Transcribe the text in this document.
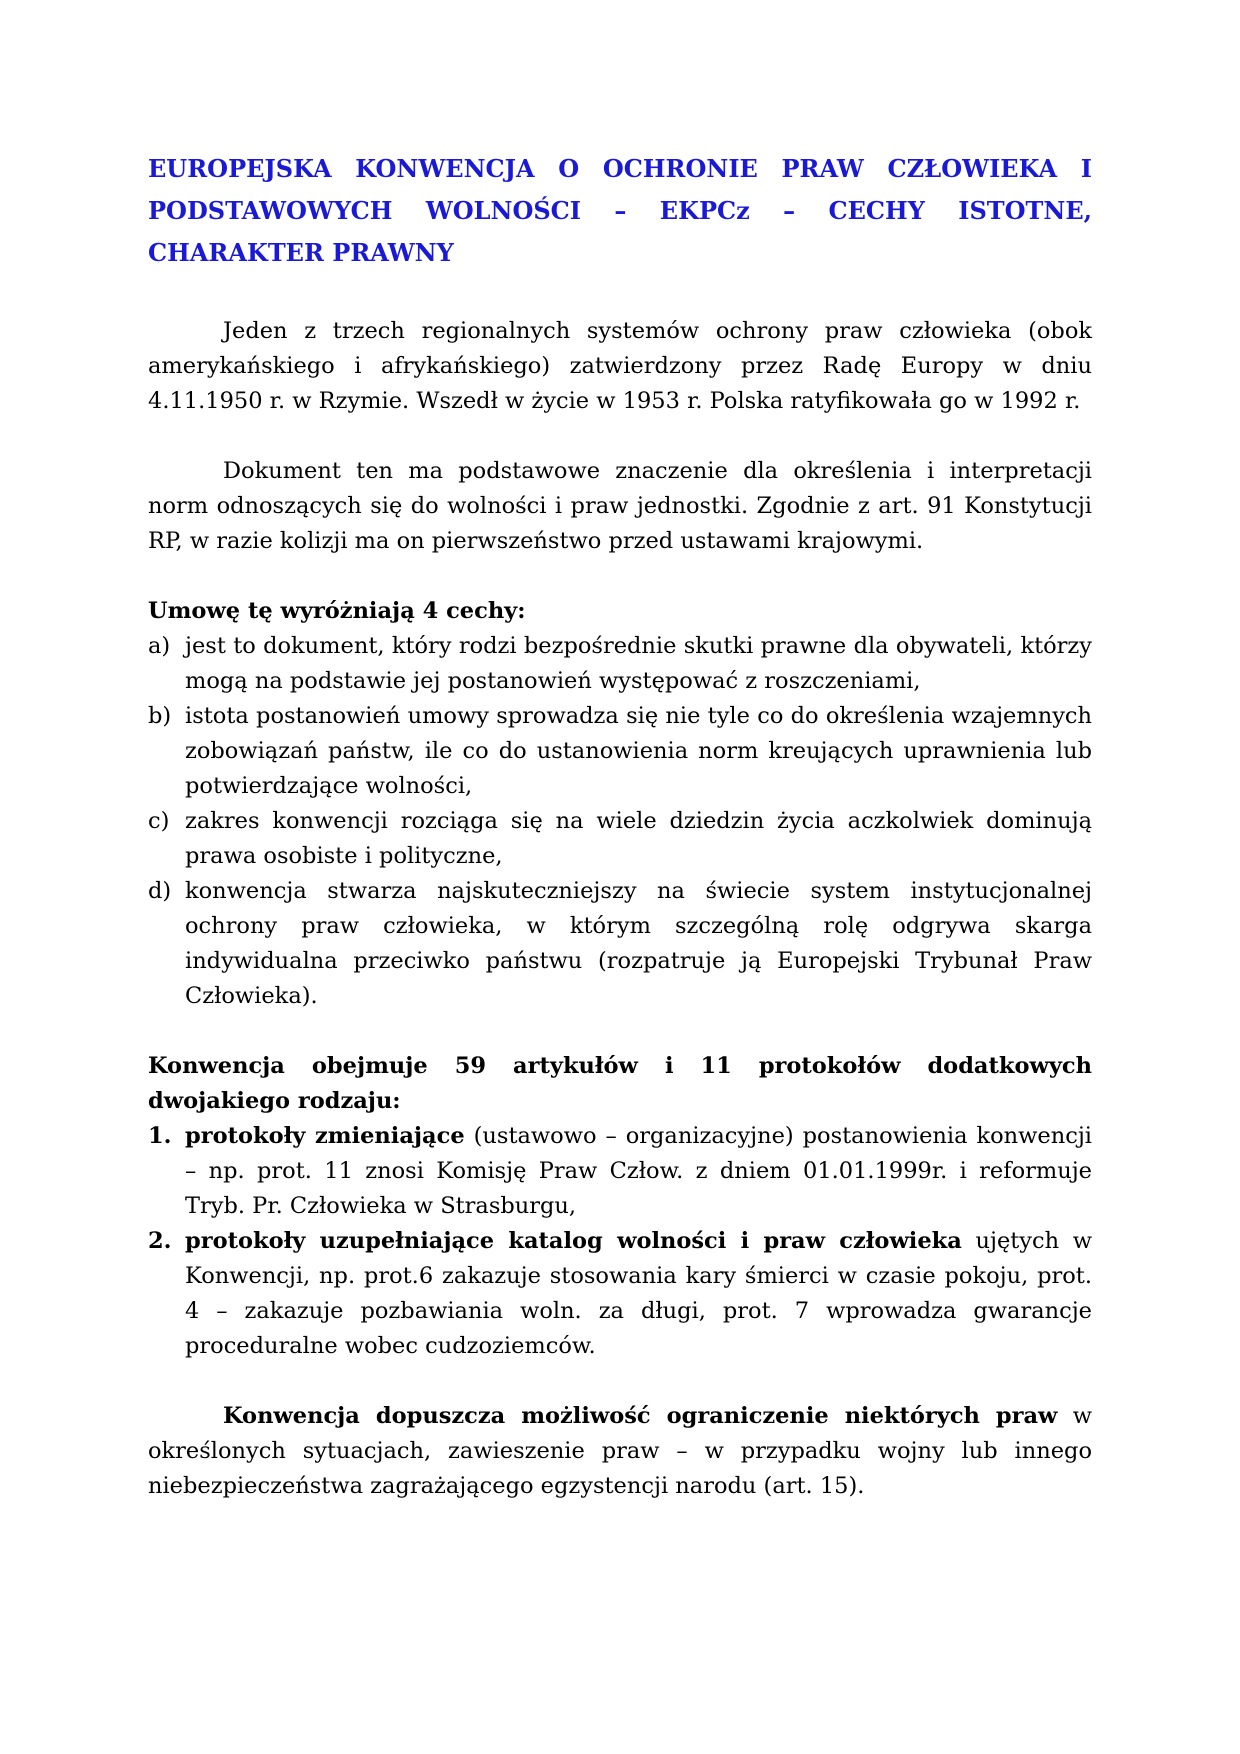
EUROPEJSKA KONWENCJA O OCHRONIE PRAW CZŁOWIEKA I PODSTAWOWYCH WOLNOŚCI – EKPCz – CECHY ISTOTNE, CHARAKTER PRAWNY

Jeden z trzech regionalnych systemów ochrony praw człowieka (obok amerykańskiego i afrykańskiego) zatwierdzony przez Radę Europy w dniu 4.11.1950 r. w Rzymie. Wszedł w życie w 1953 r. Polska ratyfikowała go w 1992 r.

Dokument ten ma podstawowe znaczenie dla określenia i interpretacji norm odnoszących się do wolności i praw jednostki. Zgodnie z art. 91 Konstytucji RP, w razie kolizji ma on pierwszeństwo przed ustawami krajowymi.

Umowę tę wyróżniają 4 cechy:

a) jest to dokument, który rodzi bezpośrednie skutki prawne dla obywateli, którzy mogą na podstawie jej postanowień występować z roszczeniami,
b) istota postanowień umowy sprowadza się nie tyle co do określenia wzajemnych zobowiązań państw, ile co do ustanowienia norm kreujących uprawnienia lub potwierdzające wolności,
c) zakres konwencji rozciąga się na wiele dziedzin życia aczkolwiek dominują prawa osobiste i polityczne,
d) konwencja stwarza najskuteczniejszy na świecie system instytucjonalnej ochrony praw człowieka, w którym szczególną rolę odgrywa skarga indywidualna przeciwko państwu (rozpatruje ją Europejski Trybunał Praw Człowieka).

Konwencja obejmuje 59 artykułów i 11 protokołów dodatkowych dwojakiego rodzaju:

1. protokoły zmieniające (ustawowo – organizacyjne) postanowienia konwencji – np. prot. 11 znosi Komisję Praw Człow. z dniem 01.01.1999r. i reformuje Tryb. Pr. Człowieka w Strasburgu,
2. protokoły uzupełniające katalog wolności i praw człowieka ujętych w Konwencji, np. prot.6 zakazuje stosowania kary śmierci w czasie pokoju, prot. 4 – zakazuje pozbawiania woln. za długi, prot. 7 wprowadza gwarancje proceduralne wobec cudzoziemców.

Konwencja dopuszcza możliwość ograniczenie niektórych praw w określonych sytuacjach, zawieszenie praw – w przypadku wojny lub innego niebezpieczeństwa zagrażającego egzystencji narodu (art. 15).
